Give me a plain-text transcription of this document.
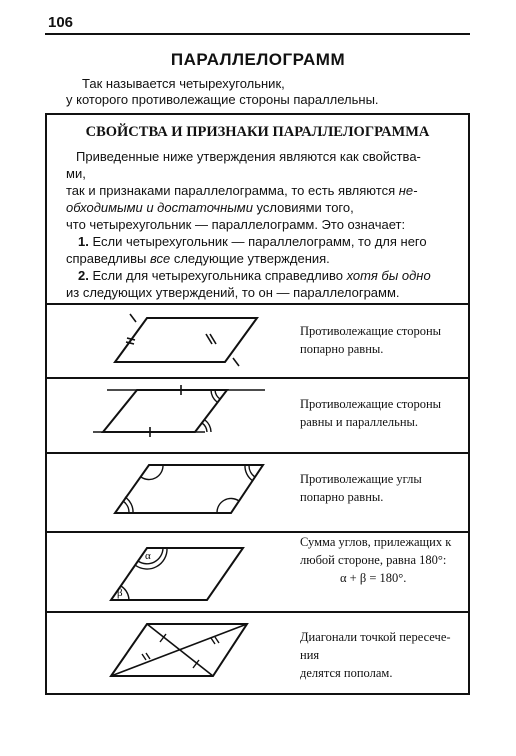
106
ПАРАЛЛЕЛОГРАММ
Так называется четырехугольник,
у которого противолежащие стороны параллельны.
СВОЙСТВА И ПРИЗНАКИ ПАРАЛЛЕЛОГРАММА
Приведенные ниже утверждения являются как свойства-
ми,
так и признаками параллелограмма, то есть являются не-
обходимыми и достаточными условиями того,
что четырехугольник — параллелограмм. Это означает:
1. Если четырехугольник — параллелограмм, то для него
справедливы все следующие утверждения.
2. Если для четырехугольника справедливо хотя бы одно
из следующих утверждений, то он — параллелограмм.
α
β
Противолежащие стороны
попарно равны.
Противолежащие стороны
равны и параллельны.
Противолежащие углы
попарно равны.
Сумма углов, прилежащих к
любой стороне, равна 180°:
α + β = 180°.
Диагонали точкой пересече-
ния
делятся пополам.
